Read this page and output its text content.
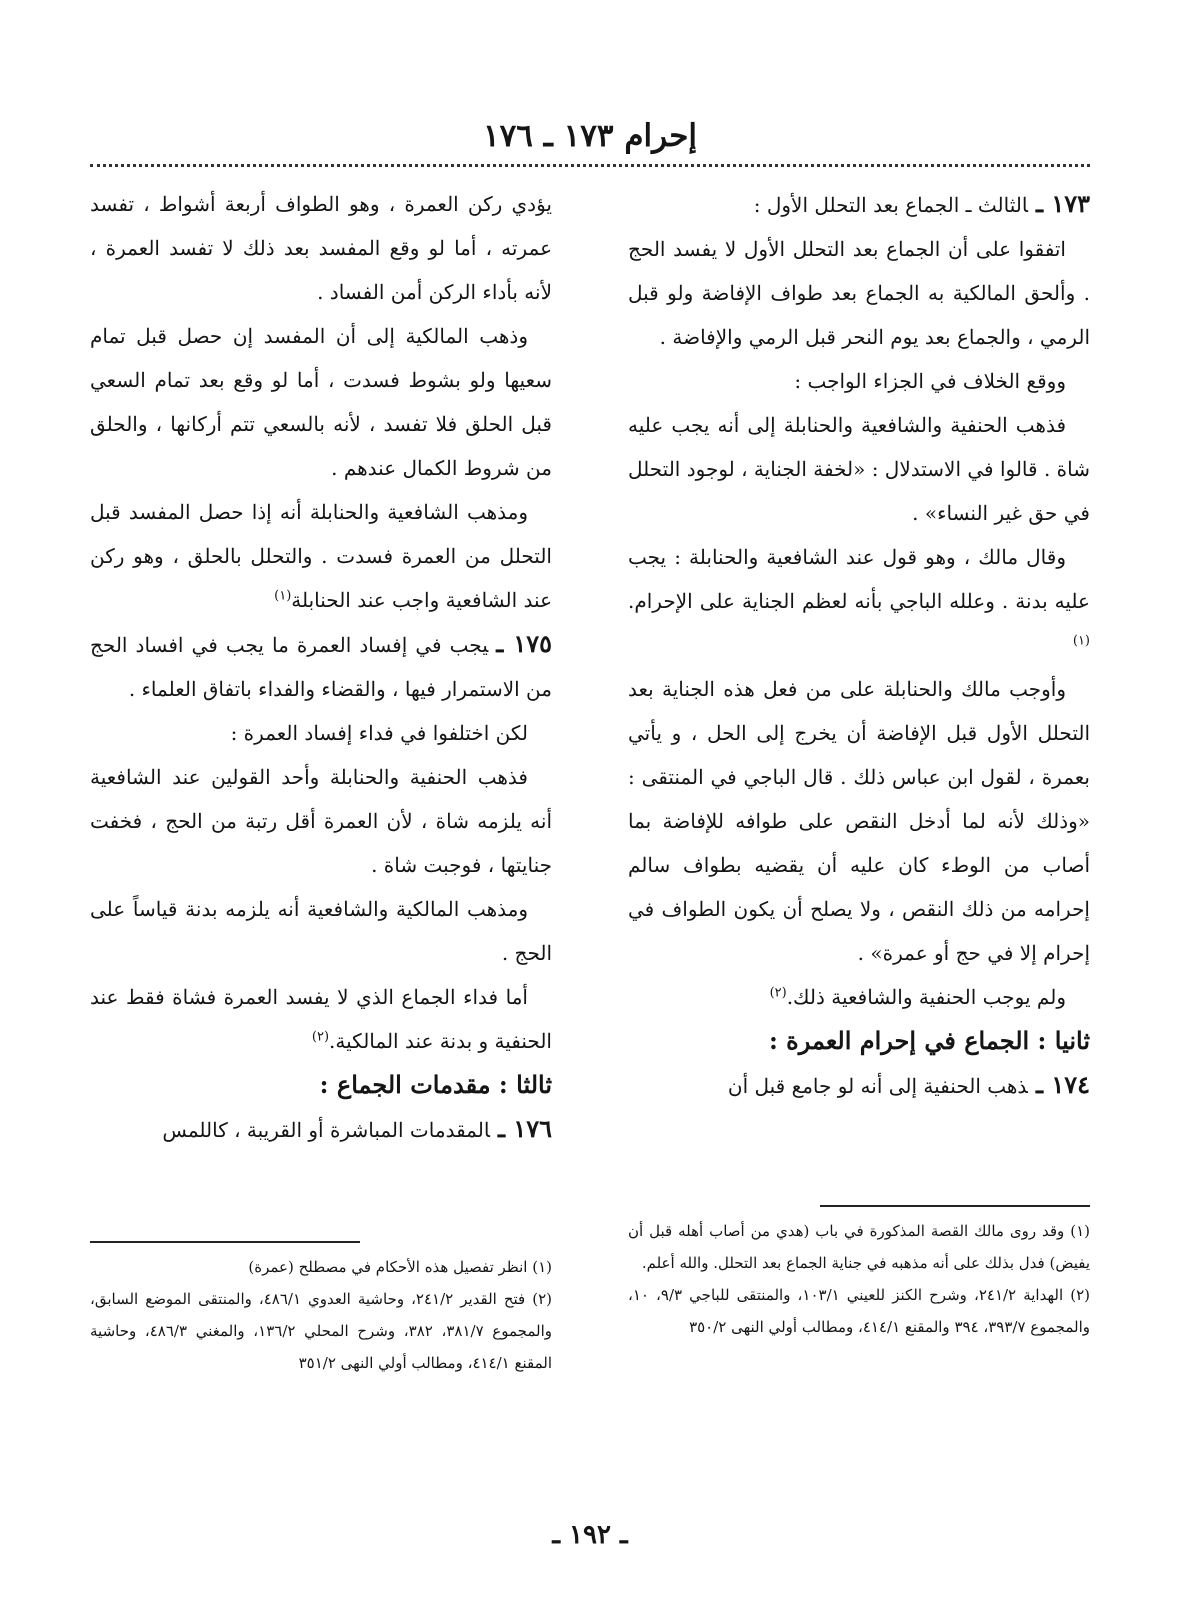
إحرام ١٧٣ ـ ١٧٦

١٧٣ ـالثالث ـ الجماع بعد التحلل الأول :

اتفقوا على أن الجماع بعد التحلل الأول لا يفسد الحج . وألحق المالكية به الجماع بعد طواف الإفاضة ولو قبل الرمي ، والجماع بعد يوم النحر قبل الرمي والإفاضة .

ووقع الخلاف في الجزاء الواجب :

فذهب الحنفية والشافعية والحنابلة إلى أنه يجب عليه شاة . قالوا في الاستدلال : «لخفة الجناية ، لوجود التحلل في حق غير النساء» .

وقال مالك ، وهو قول عند الشافعية والحنابلة : يجب عليه بدنة . وعلله الباجي بأنه لعظم الجناية على الإحرام.$^{(١)}$

وأوجب مالك والحنابلة على من فعل هذه الجناية بعد التحلل الأول قبل الإفاضة أن يخرج إلى الحل ، و يأتي بعمرة ، لقول ابن عباس ذلك . قال الباجي في المنتقى : «وذلك لأنه لما أدخل النقص على طوافه للإفاضة بما أصاب من الوطء كان عليه أن يقضيه بطواف سالم إحرامه من ذلك النقص ، ولا يصلح أن يكون الطواف في إحرام إلا في حج أو عمرة» .

ولم يوجب الحنفية والشافعية ذلك.$^{(٢)}$

ثانيا : الجماع في إحرام العمرة :

١٧٤ ـذهب الحنفية إلى أنه لو جامع قبل أن

يؤدي ركن العمرة ، وهو الطواف أربعة أشواط ، تفسد عمرته ، أما لو وقع المفسد بعد ذلك لا تفسد العمرة ، لأنه بأداء الركن أمن الفساد .

وذهب المالكية إلى أن المفسد إن حصل قبل تمام سعيها ولو بشوط فسدت ، أما لو وقع بعد تمام السعي قبل الحلق فلا تفسد ، لأنه بالسعي تتم أركانها ، والحلق من شروط الكمال عندهم .

ومذهب الشافعية والحنابلة أنه إذا حصل المفسد قبل التحلل من العمرة فسدت . والتحلل بالحلق ، وهو ركن عند الشافعية واجب عند الحنابلة$^{(١)}$

١٧٥ ـيجب في إفساد العمرة ما يجب في افساد الحج من الاستمرار فيها ، والقضاء والفداء باتفاق العلماء .

لكن اختلفوا في فداء إفساد العمرة :

فذهب الحنفية والحنابلة وأحد القولين عند الشافعية أنه يلزمه شاة ، لأن العمرة أقل رتبة من الحج ، فخفت جنايتها ، فوجبت شاة .

ومذهب المالكية والشافعية أنه يلزمه بدنة قياساً على الحج .

أما فداء الجماع الذي لا يفسد العمرة فشاة فقط عند الحنفية و بدنة عند المالكية.$^{(٢)}$

ثالثا : مقدمات الجماع :

١٧٦ ـالمقدمات المباشرة أو القريبة ، كاللمس

(١) وقد روى مالك القصة المذكورة في باب (هدي من أصاب أهله قبل أن يفيض) فدل بذلك على أنه مذهبه في جناية الجماع بعد التحلل. والله أعلم.

(٢) الهداية ٢٤١/٢، وشرح الكنز للعيني ١٠٣/١، والمنتقى للباجي ٩/٣، ١٠، والمجموع ٣٩٣/٧، ٣٩٤ والمقنع ٤١٤/١، ومطالب أولي النهى ٣٥٠/٢

(١) انظر تفصيل هذه الأحكام في مصطلح (عمرة)

(٢) فتح القدير ٢٤١/٢، وحاشية العدوي ٤٨٦/١، والمنتقى الموضع السابق، والمجموع ٣٨١/٧، ٣٨٢، وشرح المحلي ١٣٦/٢، والمغني ٤٨٦/٣، وحاشية المقنع ٤١٤/١، ومطالب أولي النهى ٣٥١/٢

ـ ١٩٢ ـ
